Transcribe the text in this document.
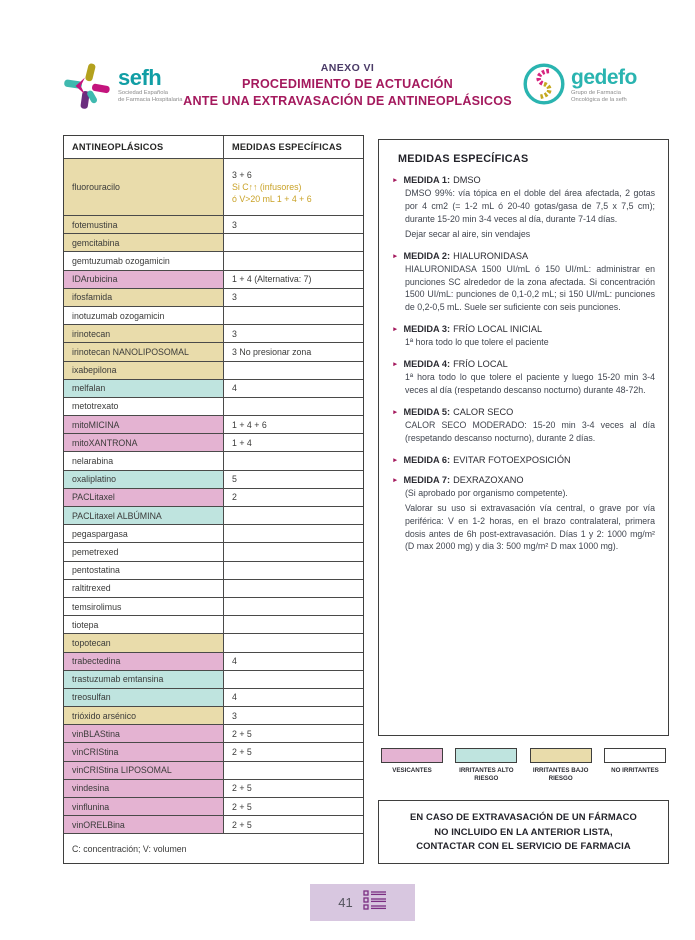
sefh
Sociedad Española
de Farmacia Hospitalaria
ANEXO VI
PROCEDIMIENTO DE ACTUACIÓN
ANTE UNA EXTRAVASACIÓN DE ANTINEOPLÁSICOS
gedefo
Grupo de Farmacia
Oncológica de la sefh
ANTINEOPLÁSICOS	MEDIDAS ESPECÍFICAS
fluorouracilo
3 + 6
Si C↑↑ (infusores)
ó V>20 mL 1 + 4 + 6
fotemustina	3
gemcitabina
gemtuzumab ozogamicin
IDArubicina	1 + 4 (Alternativa: 7)
ifosfamida	3
inotuzumab ozogamicin
irinotecan	3
irinotecan NANOLIPOSOMAL	3 No presionar zona
ixabepilona
melfalan	4
metotrexato
mitoMICINA	1 + 4 + 6
mitoXANTRONA	1 + 4
nelarabina
oxaliplatino	5
PACLitaxel	2
PACLitaxel ALBÚMINA
pegaspargasa
pemetrexed
pentostatina
raltitrexed
temsirolimus
tiotepa
topotecan
trabectedina	4
trastuzumab emtansina
treosulfan	4
trióxido arsénico	3
vinBLAStina	2 + 5
vinCRIStina	2 + 5
vinCRIStina LIPOSOMAL
vindesina	2 + 5
vinflunina	2 + 5
vinORELBina	2 + 5
C: concentración; V: volumen
MEDIDAS ESPECÍFICAS
► MEDIDA 1: DMSO
DMSO 99%: vía tópica en el doble del área afectada, 2 gotas por 4 cm2 (= 1-2 mL ó 20-40 gotas/gasa de 7,5 x 7,5 cm); durante 15-20 min 3-4 veces al día, durante 7-14 días.
Dejar secar al aire, sin vendajes
► MEDIDA 2: HIALURONIDASA
HIALURONIDASA 1500 UI/mL ó 150 UI/mL: administrar en punciones SC alrededor de la zona afectada. Si concentración 1500 UI/mL: punciones de 0,1-0,2 mL; si 150 UI/mL: punciones de 0,2-0,5 mL. Suele ser suficiente con seis punciones.
► MEDIDA 3: FRÍO LOCAL INICIAL
1ª hora todo lo que tolere el paciente
► MEDIDA 4: FRÍO LOCAL
1ª hora todo lo que tolere el paciente y luego 15-20 min 3-4 veces al día (respetando descanso nocturno) durante 48-72h.
► MEDIDA 5: CALOR SECO
CALOR SECO MODERADO: 15-20 min 3-4 veces al día (respetando descanso nocturno), durante 2 días.
► MEDIDA 6: EVITAR FOTOEXPOSICIÓN
► MEDIDA 7: DEXRAZOXANO
(Si aprobado por organismo competente).
Valorar su uso si extravasación vía central, o grave por vía periférica: V en 1-2 horas, en el brazo contralateral, primera dosis antes de 6h post-extravasación. Días 1 y 2: 1000 mg/m² (D max 2000 mg) y dia 3: 500 mg/m² D max 1000 mg).
VESICANTES	IRRITANTES ALTO RIESGO
IRRITANTES BAJO RIESGO
NO IRRITANTES
EN CASO DE EXTRAVASACIÓN DE UN FÁRMACO
NO INCLUIDO EN LA ANTERIOR LISTA,
CONTACTAR CON EL SERVICIO DE FARMACIA
41
